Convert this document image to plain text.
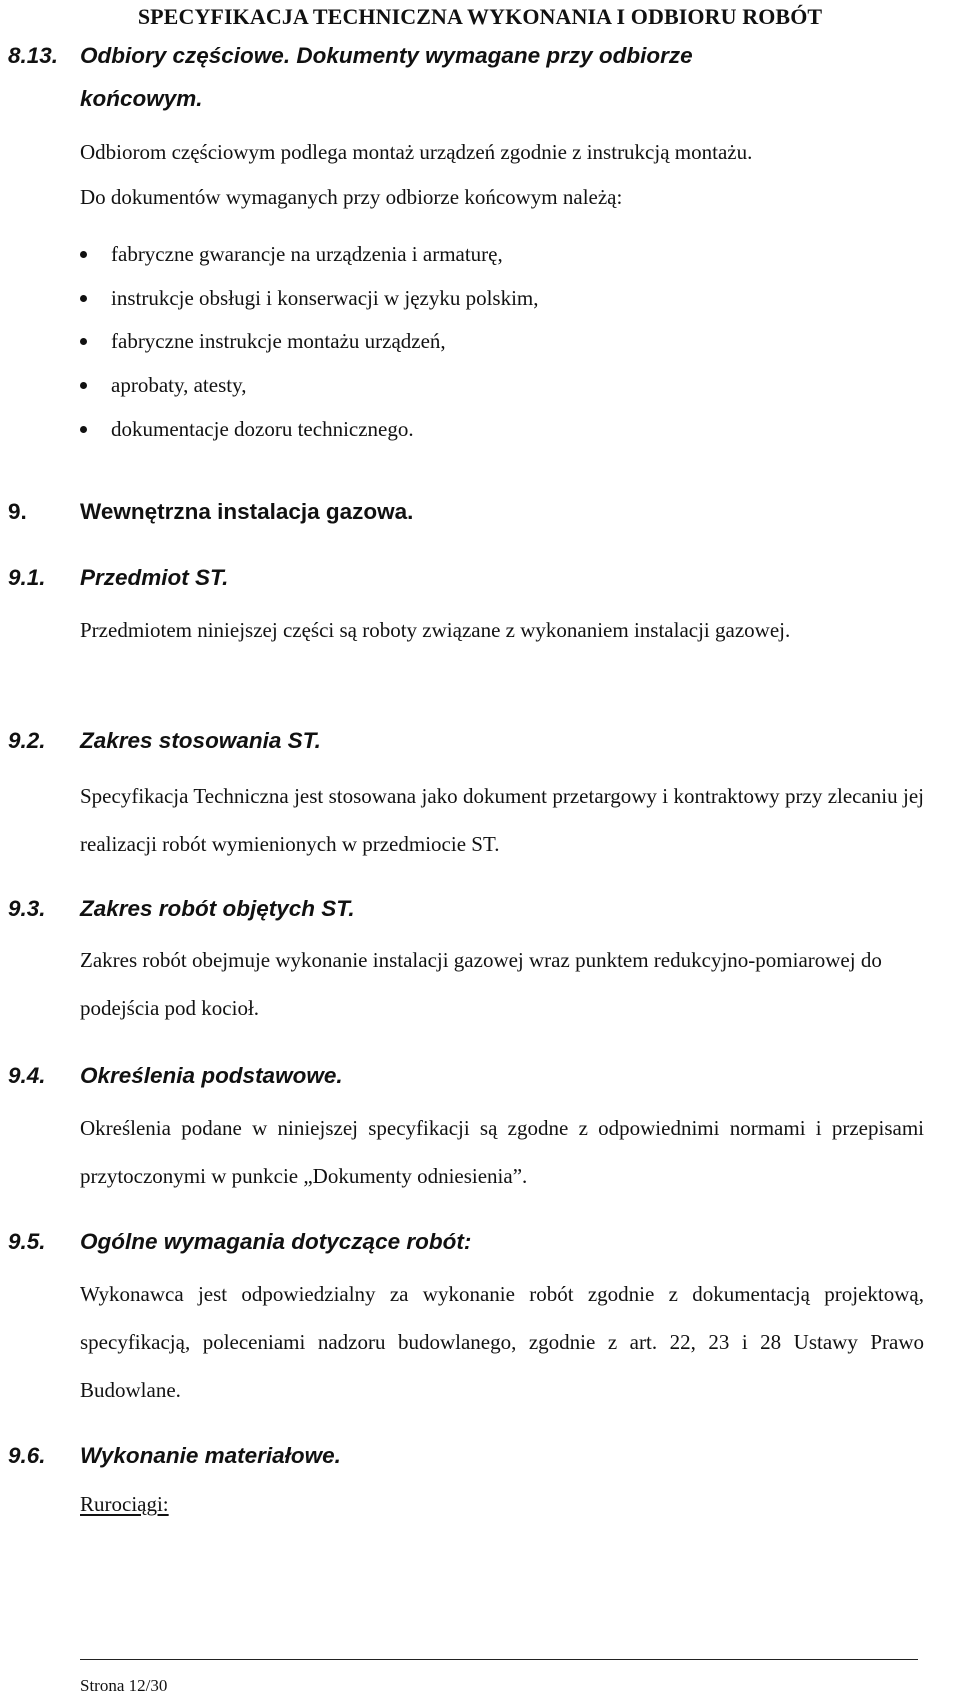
SPECYFIKACJA TECHNICZNA WYKONANIA I ODBIORU ROBÓT
8.13. Odbiory częściowe. Dokumenty wymagane przy odbiorze
końcowym.
Odbiorom częściowym podlega montaż urządzeń zgodnie z instrukcją montażu.
Do dokumentów wymaganych przy odbiorze końcowym należą:
fabryczne gwarancje na urządzenia i armaturę,
instrukcje obsługi i konserwacji w języku polskim,
fabryczne instrukcje montażu urządzeń,
aprobaty, atesty,
dokumentacje dozoru technicznego.
9. Wewnętrzna instalacja gazowa.
9.1. Przedmiot ST.

Przedmiotem niniejszej części są roboty związane z wykonaniem instalacji gazowej.

9.2. Zakres stosowania ST.

Specyfikacja Techniczna jest stosowana jako dokument przetargowy i kontraktowy przy zlecaniu jej realizacji robót wymienionych w przedmiocie ST.

9.3. Zakres robót objętych ST.

Zakres robót obejmuje wykonanie instalacji gazowej wraz punktem redukcyjno-pomiarowej do podejścia pod kocioł.

9.4. Określenia podstawowe.

Określenia podane w niniejszej specyfikacji są zgodne z odpowiednimi normami i przepisami przytoczonymi w punkcie „Dokumenty odniesienia”.

9.5. Ogólne wymagania dotyczące robót:

Wykonawca jest odpowiedzialny za wykonanie robót zgodnie z dokumentacją projektową, specyfikacją, poleceniami nadzoru budowlanego, zgodnie z art. 22, 23 i 28 Ustawy Prawo Budowlane.

9.6. Wykonanie materiałowe.
Rurociągi:
Strona 12/30
